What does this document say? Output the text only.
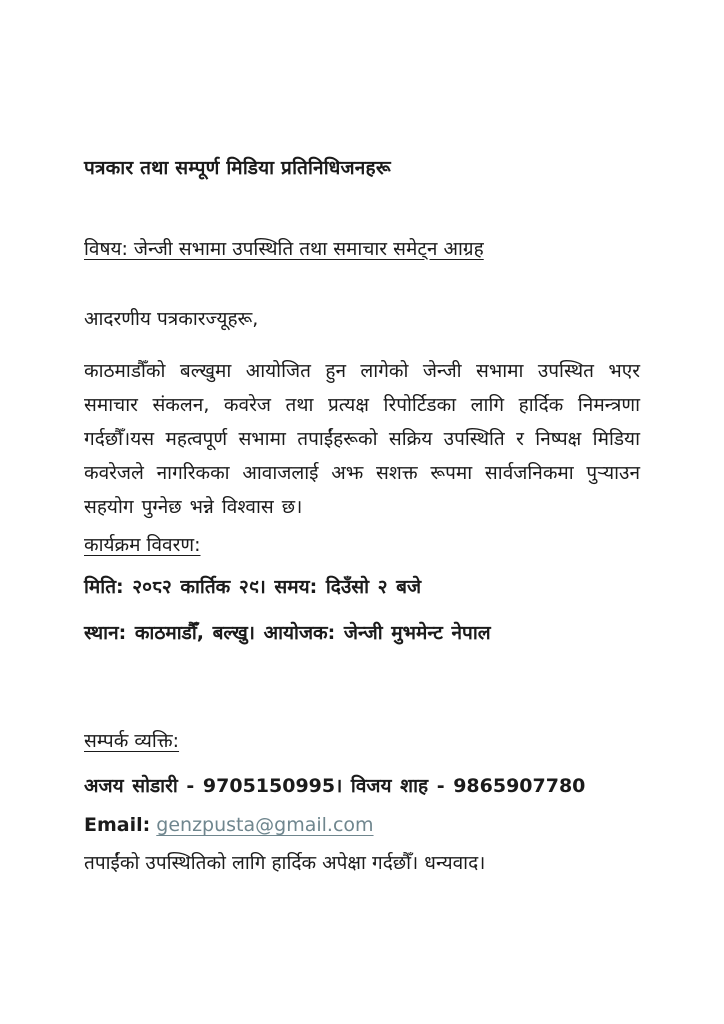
पत्रकार तथा सम्पूर्ण मिडिया प्रतिनिधिजनहरू

विषय: जेन्जी सभामा उपस्थिति तथा समाचार समेट्न आग्रह

आदरणीय पत्रकारज्यूहरू,

काठमाडौँको बल्खुमा आयोजित हुन लागेको जेन्जी सभामा उपस्थित भएर समाचार संकलन, कवरेज तथा प्रत्यक्ष रिपोर्टिडका लागि हार्दिक निमन्त्रणा गर्दछौँ।यस महत्वपूर्ण सभामा तपाईंहरूको सक्रिय उपस्थिति र निष्पक्ष मिडिया कवरेजले नागरिकका आवाजलाई अझ सशक्त रूपमा सार्वजनिकमा पुऱ्याउन सहयोग पुग्नेछ भन्ने विश्वास छ।

कार्यक्रम विवरण:

मिति: २०८२ कार्तिक २९। समय: दिउँसो २ बजे

स्थान: काठमाडौँ, बल्खु। आयोजक: जेन्जी मुभमेन्ट नेपाल

सम्पर्क व्यक्ति:

अजय सोडारी - 9705150995। विजय शाह - 9865907780

Email: genzpusta@gmail.com

तपाईंको उपस्थितिको लागि हार्दिक अपेक्षा गर्दछौँ। धन्यवाद।
